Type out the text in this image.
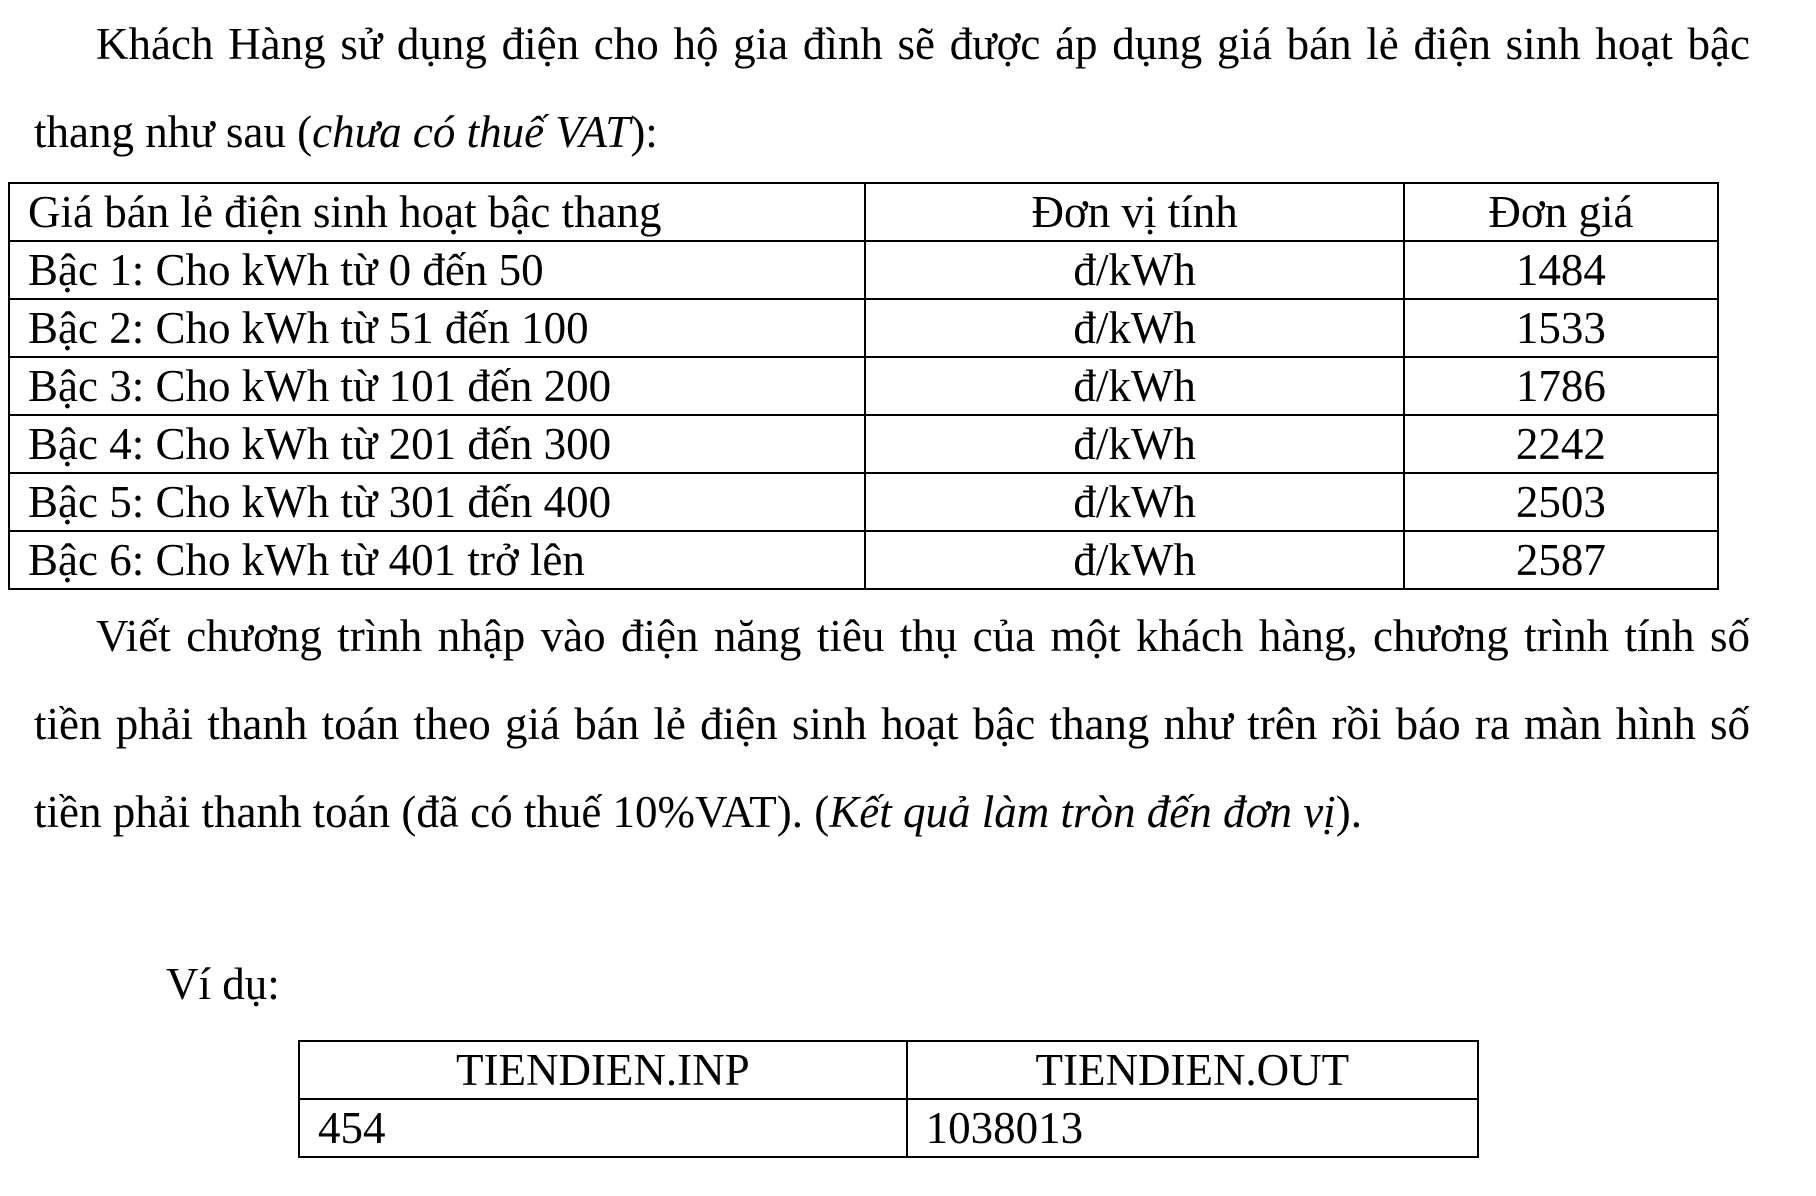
Khách Hàng sử dụng điện cho hộ gia đình sẽ được áp dụng giá bán lẻ điện sinh hoạt bậc thang như sau (chưa có thuế VAT):

Giá bán lẻ điện sinh hoạt bậc thang	Đơn vị tính	Đơn giá
Bậc 1: Cho kWh từ 0 đến 50	đ/kWh	1484
Bậc 2: Cho kWh từ 51 đến 100	đ/kWh	1533
Bậc 3: Cho kWh từ 101 đến 200	đ/kWh	1786
Bậc 4: Cho kWh từ 201 đến 300	đ/kWh	2242
Bậc 5: Cho kWh từ 301 đến 400	đ/kWh	2503
Bậc 6: Cho kWh từ 401 trở lên	đ/kWh	2587

Viết chương trình nhập vào điện năng tiêu thụ của một khách hàng, chương trình tính số tiền phải thanh toán theo giá bán lẻ điện sinh hoạt bậc thang như trên rồi báo ra màn hình số tiền phải thanh toán (đã có thuế 10%VAT). (Kết quả làm tròn đến đơn vị).

Ví dụ:

TIENDIEN.INP	TIENDIEN.OUT
454	1038013
